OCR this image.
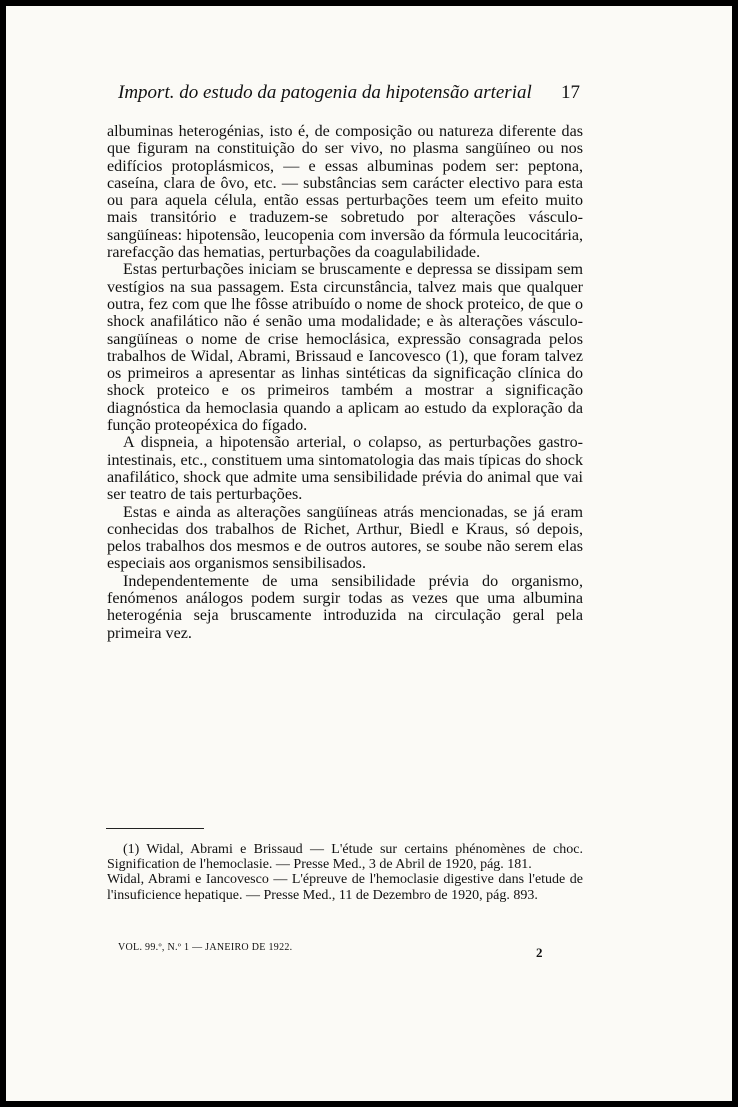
Import. do estudo da patogenia da hipotensão arterial 17

albuminas heterogénias, isto é, de composição ou natureza diferente das que figuram na constituição do ser vivo, no plasma sangüíneo ou nos edifícios protoplásmicos, — e essas albuminas podem ser: peptona, caseína, clara de ôvo, etc. — substâncias sem carácter electivo para esta ou para aquela célula, então essas perturbações teem um efeito muito mais transitório e traduzem-se sobretudo por alterações vásculo-sangüíneas: hipotensão, leucopenia com inversão da fórmula leucocitária, rarefacção das hematias, perturbações da coagulabilidade.

Estas perturbações iniciam se bruscamente e depressa se dissipam sem vestígios na sua passagem. Esta circunstância, talvez mais que qualquer outra, fez com que lhe fôsse atribuído o nome de shock proteico, de que o shock anafilático não é senão uma modalidade; e às alterações vásculo-sangüíneas o nome de crise hemoclásica, expressão consagrada pelos trabalhos de Widal, Abrami, Brissaud e Iancovesco (1), que foram talvez os primeiros a apresentar as linhas sintéticas da significação clínica do shock proteico e os primeiros também a mostrar a significação diagnóstica da hemoclasia quando a aplicam ao estudo da exploração da função proteopéxica do fígado.

A dispneia, a hipotensão arterial, o colapso, as perturbações gastro-intestinais, etc., constituem uma sintomatologia das mais típicas do shock anafilático, shock que admite uma sensibilidade prévia do animal que vai ser teatro de tais perturbações.

Estas e ainda as alterações sangüíneas atrás mencionadas, se já eram conhecidas dos trabalhos de Richet, Arthur, Biedl e Kraus, só depois, pelos trabalhos dos mesmos e de outros autores, se soube não serem elas especiais aos organismos sensibilisados.

Independentemente de uma sensibilidade prévia do organismo, fenómenos análogos podem surgir todas as vezes que uma albumina heterogénia seja bruscamente introduzida na circulação geral pela primeira vez.

(1) Widal, Abrami e Brissaud — L'étude sur certains phénomènes de choc. Signification de l'hemoclasie. — Presse Med., 3 de Abril de 1920, pág. 181.

Widal, Abrami e Iancovesco — L'épreuve de l'hemoclasie digestive dans l'etude de l'insuficience hepatique. — Presse Med., 11 de Dezembro de 1920, pág. 893.

VOL. 99.º, N.º 1 — JANEIRO DE 1922.	2
